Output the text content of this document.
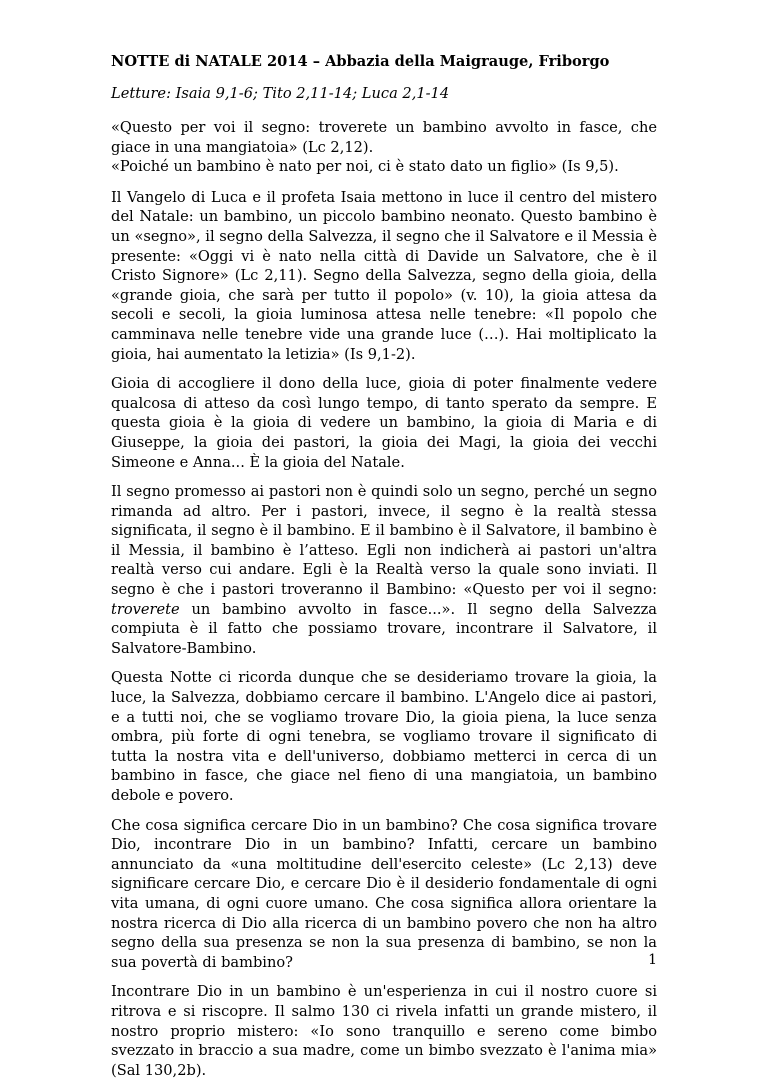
NOTTE di NATALE 2014 – Abbazia della Maigrauge, Friborgo
Letture: Isaia 9,1-6; Tito 2,11-14; Luca 2,1-14

«Questo per voi il segno: troverete un bambino avvolto in fasce, che giace in una mangiatoia» (Lc 2,12).

«Poiché un bambino è nato per noi, ci è stato dato un figlio» (Is 9,5).

Il Vangelo di Luca e il profeta Isaia mettono in luce il centro del mistero del Natale: un bambino, un piccolo bambino neonato. Questo bambino è un «segno», il segno della Salvezza, il segno che il Salvatore e il Messia è presente: «Oggi vi è nato nella città di Davide un Salvatore, che è il Cristo Signore» (Lc 2,11). Segno della Salvezza, segno della gioia, della «grande gioia, che sarà per tutto il popolo» (v. 10), la gioia attesa da secoli e secoli, la gioia luminosa attesa nelle tenebre: «Il popolo che camminava nelle tenebre vide una grande luce (…). Hai moltiplicato la gioia, hai aumentato la letizia» (Is 9,1-2).

Gioia di accogliere il dono della luce, gioia di poter finalmente vedere qualcosa di atteso da così lungo tempo, di tanto sperato da sempre. E questa gioia è la gioia di vedere un bambino, la gioia di Maria e di Giuseppe, la gioia dei pastori, la gioia dei Magi, la gioia dei vecchi Simeone e Anna... È la gioia del Natale.

Il segno promesso ai pastori non è quindi solo un segno, perché un segno rimanda ad altro. Per i pastori, invece, il segno è la realtà stessa significata, il segno è il bambino. E il bambino è il Salvatore, il bambino è il Messia, il bambino è l’atteso. Egli non indicherà ai pastori un'altra realtà verso cui andare. Egli è la Realtà verso la quale sono inviati. Il segno è che i pastori troveranno il Bambino: «Questo per voi il segno: troverete un bambino avvolto in fasce...». Il segno della Salvezza compiuta è il fatto che possiamo trovare, incontrare il Salvatore, il Salvatore-Bambino.

Questa Notte ci ricorda dunque che se desideriamo trovare la gioia, la luce, la Salvezza, dobbiamo cercare il bambino. L'Angelo dice ai pastori, e a tutti noi, che se vogliamo trovare Dio, la gioia piena, la luce senza ombra, più forte di ogni tenebra, se vogliamo trovare il significato di tutta la nostra vita e dell'universo, dobbiamo metterci in cerca di un bambino in fasce, che giace nel fieno di una mangiatoia, un bambino debole e povero.

Che cosa significa cercare Dio in un bambino? Che cosa significa trovare Dio, incontrare Dio in un bambino? Infatti, cercare un bambino annunciato da «una moltitudine dell'esercito celeste» (Lc 2,13) deve significare cercare Dio, e cercare Dio è il desiderio fondamentale di ogni vita umana, di ogni cuore umano. Che cosa significa allora orientare la nostra ricerca di Dio alla ricerca di un bambino povero che non ha altro segno della sua presenza se non la sua presenza di bambino, se non la sua povertà di bambino?

Incontrare Dio in un bambino è un'esperienza in cui il nostro cuore si ritrova e si riscopre. Il salmo 130 ci rivela infatti un grande mistero, il nostro proprio mistero: «Io sono tranquillo e sereno come bimbo svezzato in braccio a sua madre, come un bimbo svezzato è l'anima mia» (Sal 130,2b).

1
